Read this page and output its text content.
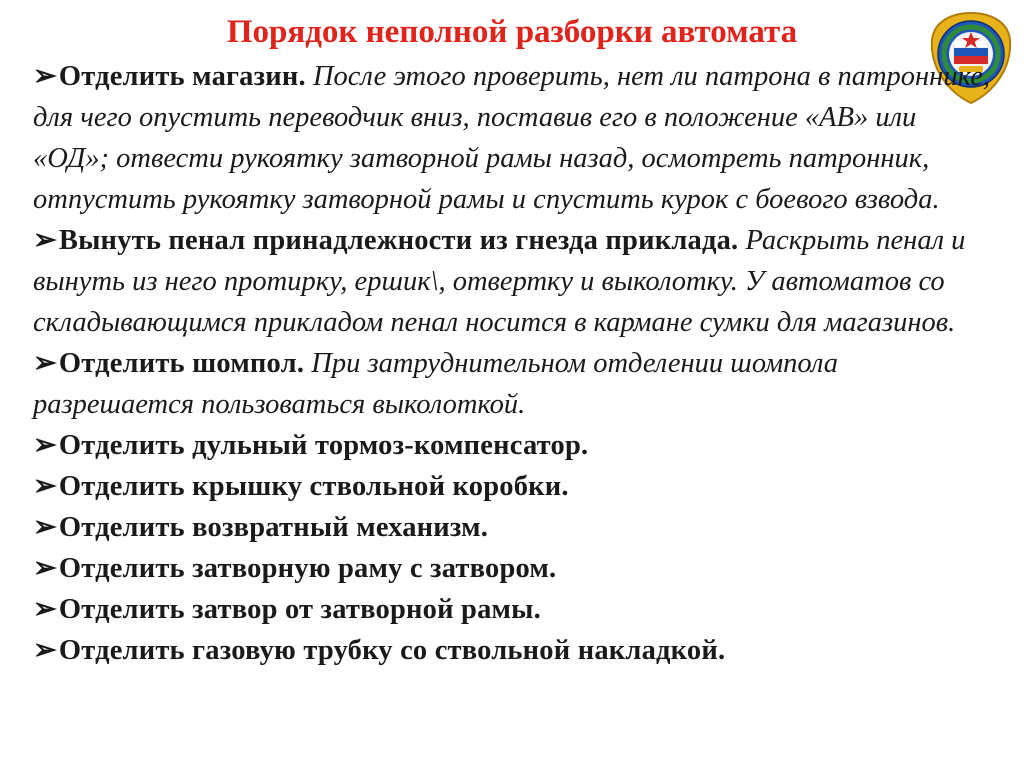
Порядок неполной разборки автомата

➢Отделить магазин. После этого проверить, нет ли патрона в патроннике, для чего опустить переводчик вниз, поставив его в положение «АВ» или «ОД»; отвести рукоятку затворной рамы назад, осмотреть патронник, отпустить рукоятку затворной рамы и спустить курок с боевого взвода.

➢Вынуть пенал принадлежности из гнезда приклада. Раскрыть пенал и вынуть из него протирку, ершик\, отвертку и выколотку. У автоматов со складывающимся прикладом пенал носится в кармане сумки для магазинов.

➢Отделить шомпол. При затруднительном отделении шомпола разрешается пользоваться выколоткой.

➢Отделить дульный тормоз-компенсатор.

➢Отделить крышку ствольной коробки.

➢Отделить возвратный механизм.

➢Отделить затворную раму с затвором.

➢Отделить затвор от затворной рамы.

➢Отделить газовую трубку со ствольной накладкой.
